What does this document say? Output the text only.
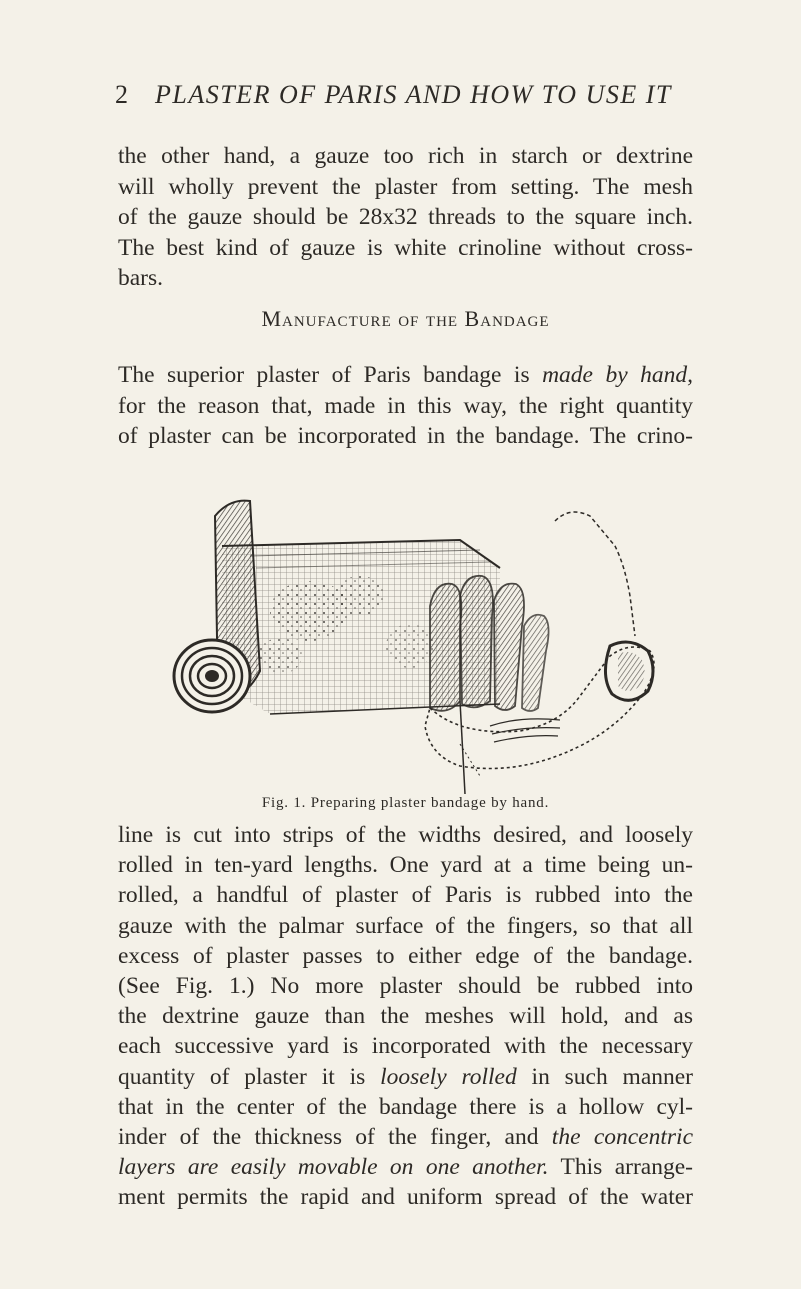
2 PLASTER OF PARIS AND HOW TO USE IT
the other hand, a gauze too rich in starch or dextrine
will wholly prevent the plaster from setting. The mesh
of the gauze should be 28x32 threads to the square inch.
The best kind of gauze is white crinoline without cross-
bars.
Manufacture of the Bandage
The superior plaster of Paris bandage is made by hand,
for the reason that, made in this way, the right quantity
of plaster can be incorporated in the bandage. The crino-
Fig. 1. Preparing plaster bandage by hand.
line is cut into strips of the widths desired, and loosely
rolled in ten-yard lengths. One yard at a time being un-
rolled, a handful of plaster of Paris is rubbed into the
gauze with the palmar surface of the fingers, so that all
excess of plaster passes to either edge of the bandage.
(See Fig. 1.) No more plaster should be rubbed into
the dextrine gauze than the meshes will hold, and as
each successive yard is incorporated with the necessary
quantity of plaster it is loosely rolled in such manner
that in the center of the bandage there is a hollow cyl-
inder of the thickness of the finger, and the concentric
layers are easily movable on one another. This arrange-
ment permits the rapid and uniform spread of the water
